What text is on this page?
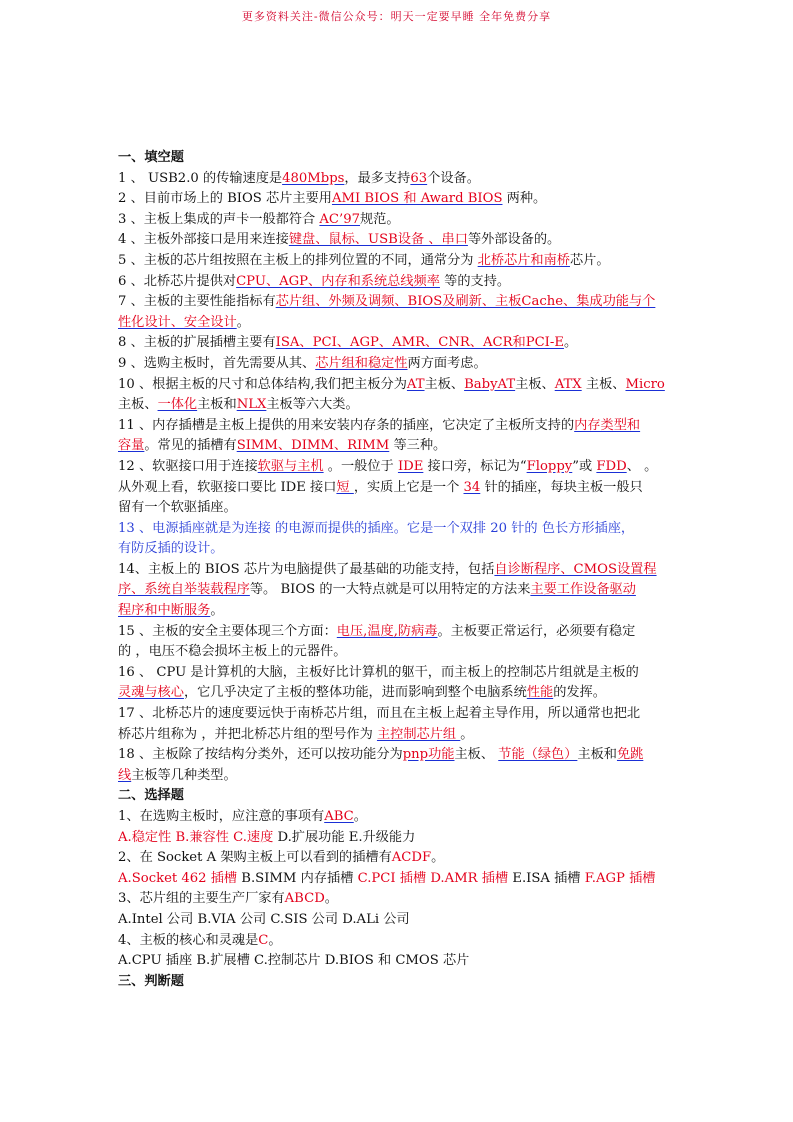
更多资料关注-微信公众号：明天一定要早睡 全年免费分享
一、填空题
1 、 USB2.0 的传输速度是480Mbps，最多支持63个设备。
2 、目前市场上的 BIOS 芯片主要用AMI BIOS 和 Award BIOS 两种。
3 、主板上集成的声卡一般都符合 AC’97规范。
4 、主板外部接口是用来连接键盘、鼠标、USB设备 、串口等外部设备的。
5 、主板的芯片组按照在主板上的排列位置的不同，通常分为 北桥芯片和南桥芯片。
6 、北桥芯片提供对CPU、AGP、内存和系统总线频率 等的支持。
7 、主板的主要性能指标有芯片组、外频及调频、BIOS及刷新、主板Cache、集成功能与个
性化设计、安全设计。
8 、主板的扩展插槽主要有ISA、PCI、AGP、AMR、CNR、ACR和PCI-E。
9 、选购主板时，首先需要从其、芯片组和稳定性两方面考虑。
10 、根据主板的尺寸和总体结构,我们把主板分为AT主板、BabyAT主板、ATX 主板、Micro
主板、一体化主板和NLX主板等六大类。
11 、内存插槽是主板上提供的用来安装内存条的插座，它决定了主板所支持的内存类型和
容量。常见的插槽有SIMM、DIMM、RIMM 等三种。
12 、软驱接口用于连接软驱与主机 。一般位于 IDE 接口旁，标记为“Floppy”或 FDD、 。
从外观上看，软驱接口要比 IDE 接口短 ，实质上它是一个 34 针的插座，每块主板一般只
留有一个软驱插座。
13 、电源插座就是为连接 的电源而提供的插座。它是一个双排 20 针的 色长方形插座，
有防反插的设计。
14、主板上的 BIOS 芯片为电脑提供了最基础的功能支持，包括自诊断程序、CMOS设置程
序、系统自举装载程序等。 BIOS 的一大特点就是可以用特定的方法来主要工作设备驱动
程序和中断服务。
15 、主板的安全主要体现三个方面：电压,温度,防病毒。主板要正常运行，必须要有稳定
的 ，电压不稳会损坏主板上的元器件。
16 、 CPU 是计算机的大脑，主板好比计算机的躯干，而主板上的控制芯片组就是主板的
灵魂与核心，它几乎决定了主板的整体功能，进而影响到整个电脑系统性能的发挥。
17 、北桥芯片的速度要远快于南桥芯片组，而且在主板上起着主导作用，所以通常也把北
桥芯片组称为 ，并把北桥芯片组的型号作为 主控制芯片组 。
18 、主板除了按结构分类外，还可以按功能分为pnp功能主板、 节能（绿色）主板和免跳
线主板等几种类型。
二、选择题
1、在选购主板时，应注意的事项有ABC。
A.稳定性 B.兼容性 C.速度 D.扩展功能 E.升级能力
2、在 Socket A 架购主板上可以看到的插槽有ACDF。
A.Socket 462 插槽 B.SIMM 内存插槽 C.PCI 插槽 D.AMR 插槽 E.ISA 插槽 F.AGP 插槽
3、芯片组的主要生产厂家有ABCD。
A.Intel 公司 B.VIA 公司 C.SIS 公司 D.ALi 公司
4、主板的核心和灵魂是C。
A.CPU 插座 B.扩展槽 C.控制芯片 D.BIOS 和 CMOS 芯片
三、判断题
